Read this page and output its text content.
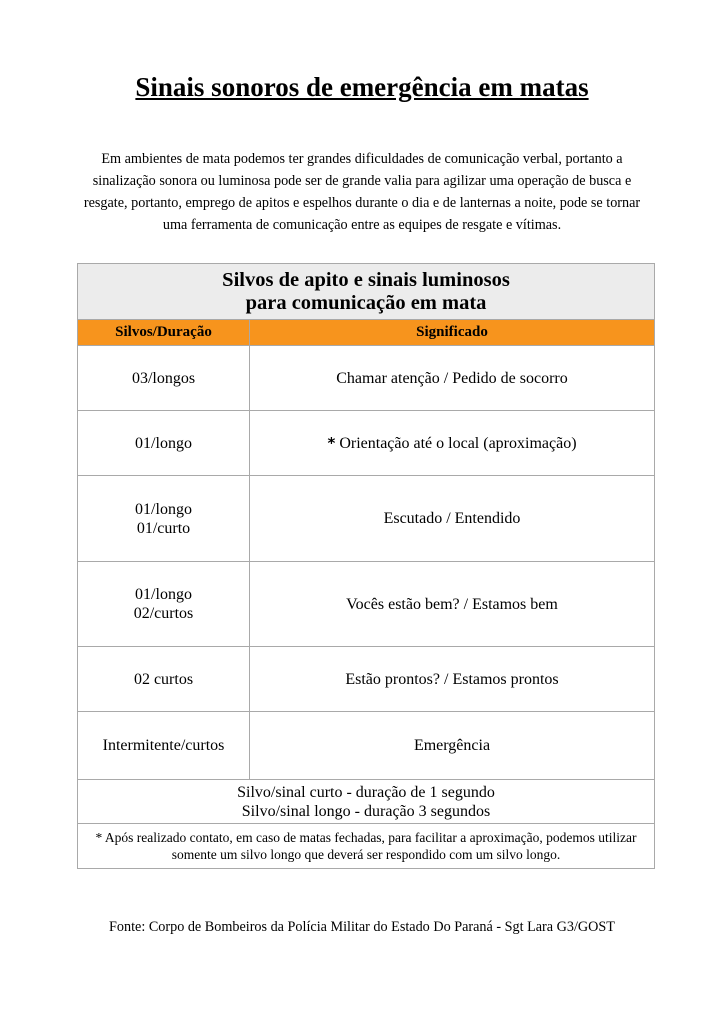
Sinais sonoros de emergência em matas

Em ambientes de mata podemos ter grandes dificuldades de comunicação verbal, portanto a sinalização sonora ou luminosa pode ser de grande valia para agilizar uma operação de busca e resgate, portanto, emprego de apitos e espelhos durante o dia e de lanternas a noite, pode se tornar uma ferramenta de comunicação entre as equipes de resgate e vítimas.

Silvos de apito e sinais luminosos
para comunicação em mata	

Silvos/Duração	Significado

03/longos	Chamar atenção / Pedido de socorro

01/longo	* Orientação até o local (aproximação)

01/longo
01/curto	Escutado / Entendido

01/longo
02/curtos	Vocês estão bem? / Estamos bem

02 curtos	Estão prontos? / Estamos prontos

Intermitente/curtos	Emergência

Silvo/sinal curto - duração de 1 segundo
Silvo/sinal longo - duração 3 segundos	

* Após realizado contato, em caso de matas fechadas, para facilitar a aproximação, podemos utilizar somente um silvo longo que deverá ser respondido com um silvo longo.	

Fonte: Corpo de Bombeiros da Polícia Militar do Estado Do Paraná - Sgt Lara G3/GOST
